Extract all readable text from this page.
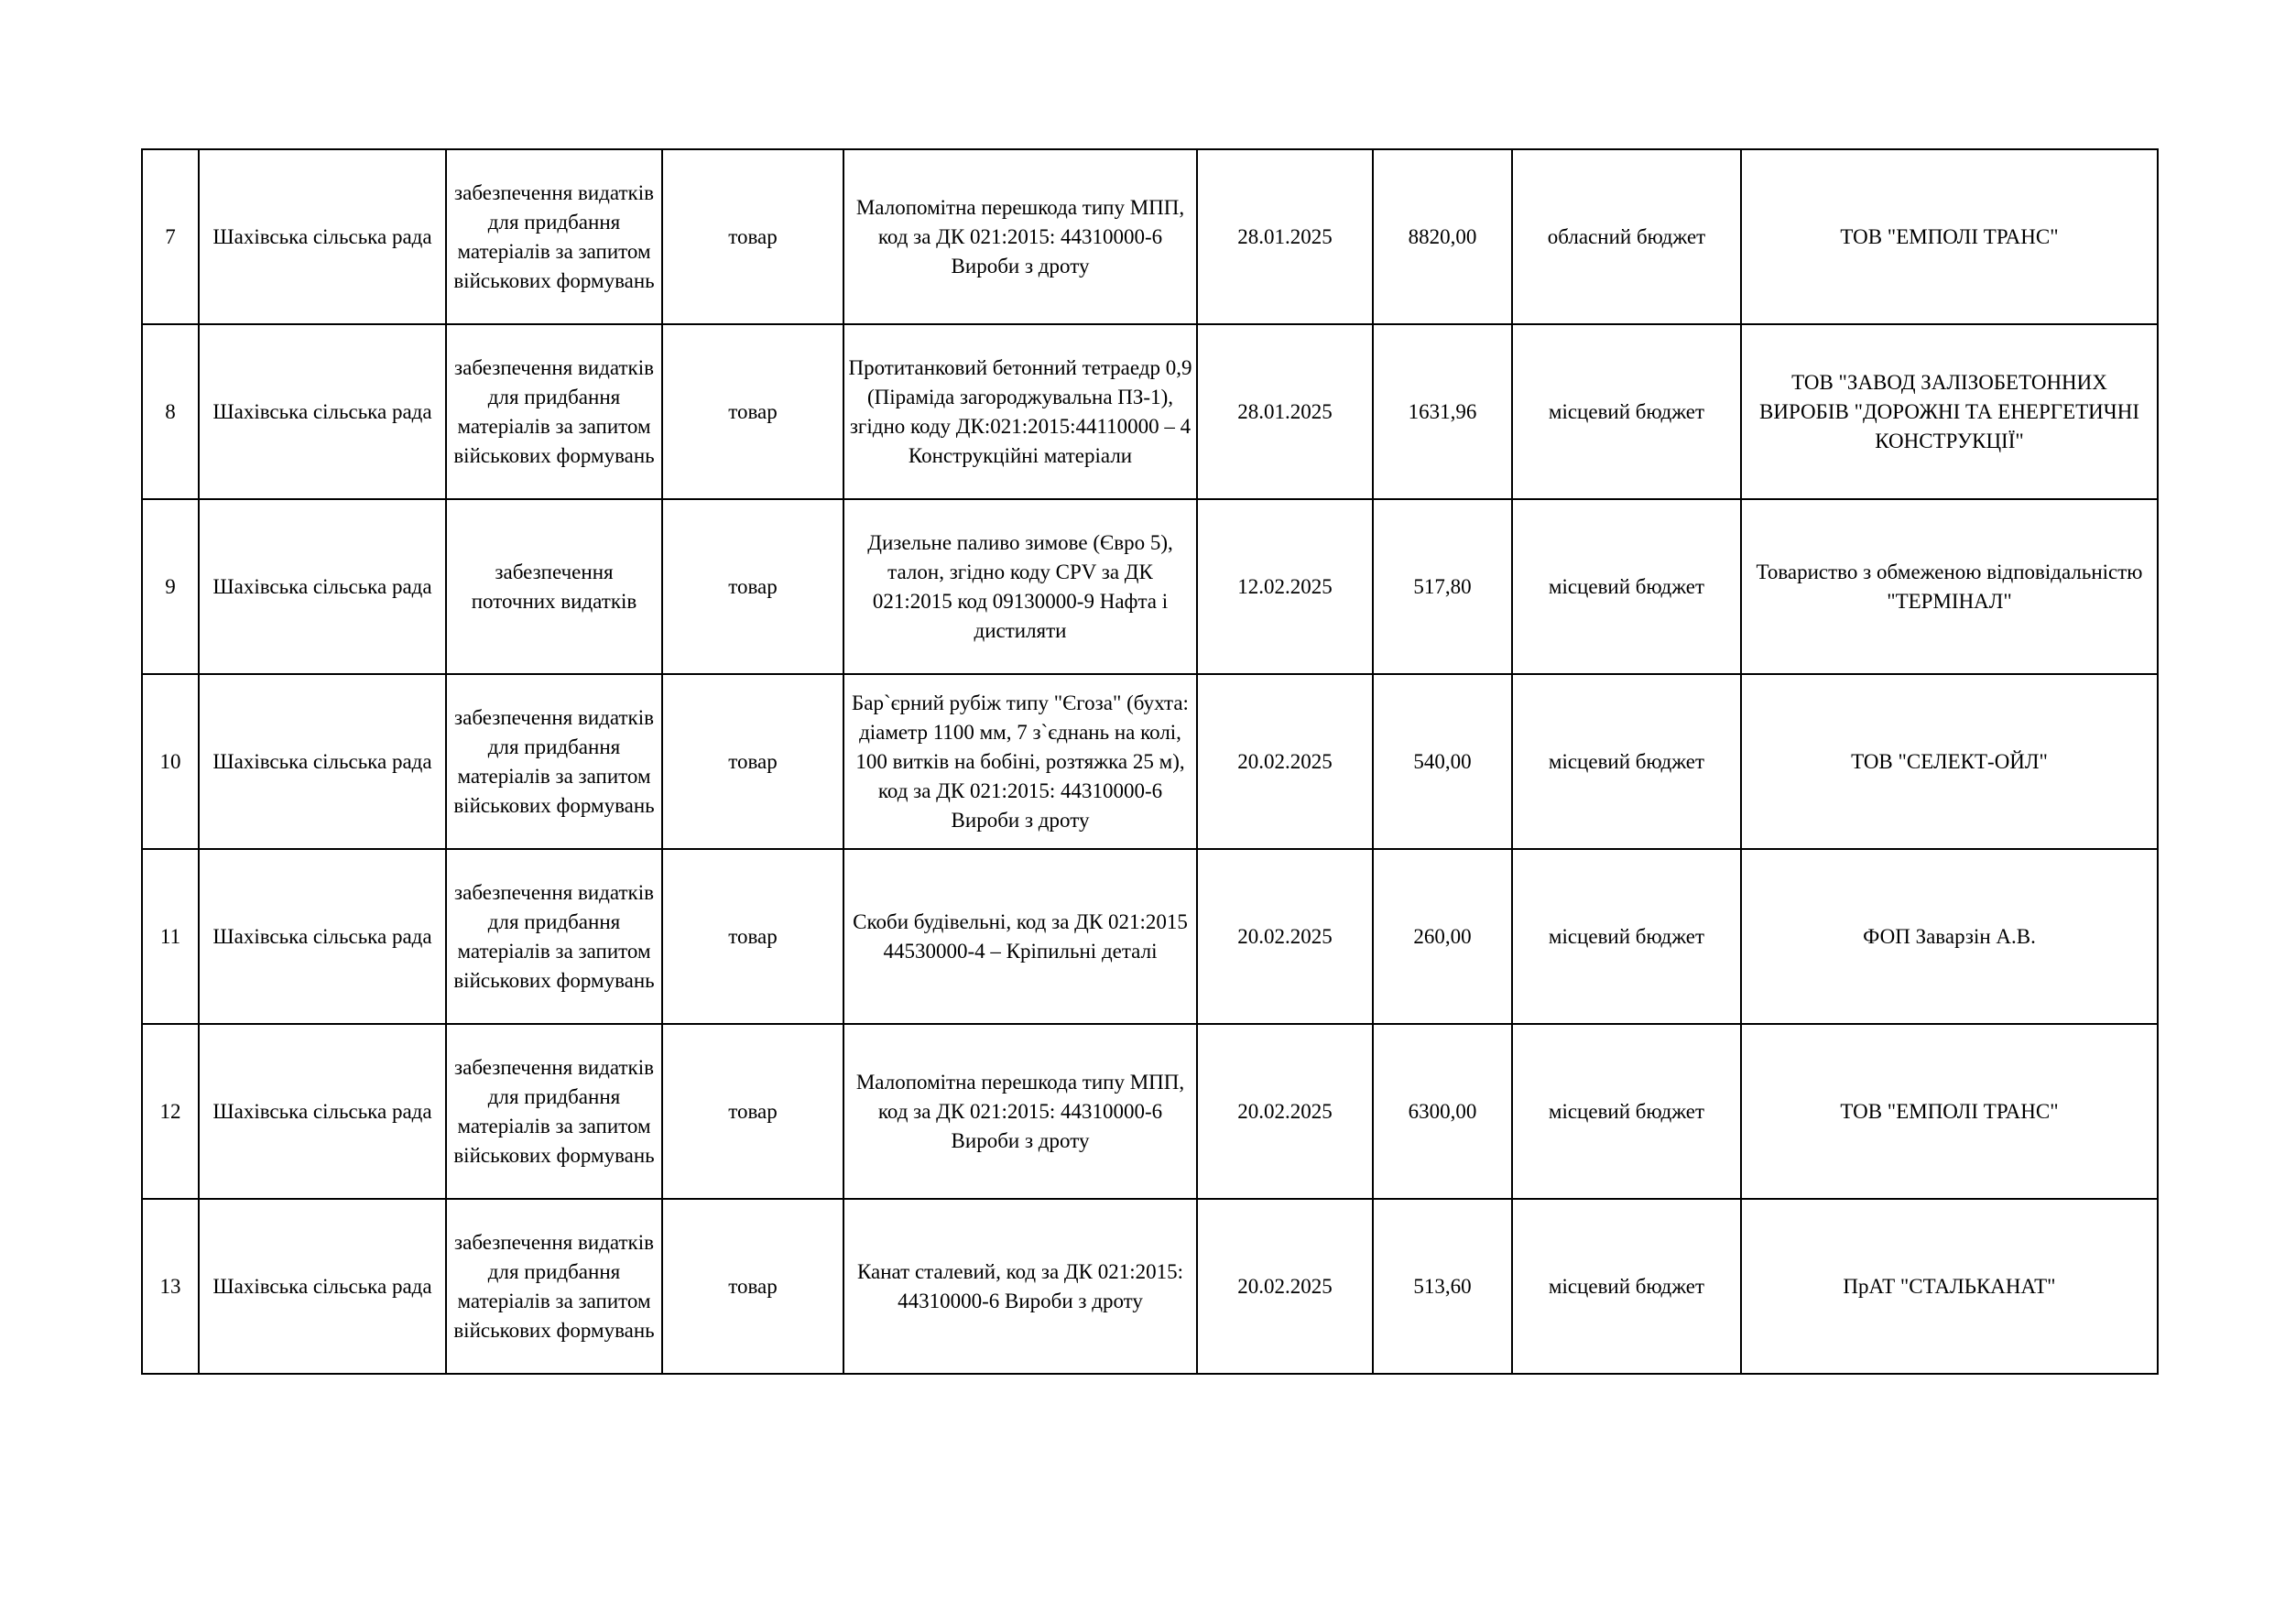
7	Шахівська сільська рада	забезпечення видатків для придбання матеріалів за запитом військових формувань	товар	Малопомітна перешкода типу МПП, код за ДК 021:2015: 44310000-6 Вироби з дроту	28.01.2025	8820,00	обласний бюджет	ТОВ "ЕМПОЛІ ТРАНС"
8	Шахівська сільська рада	забезпечення видатків для придбання матеріалів за запитом військових формувань	товар	Протитанковий бетонний тетраедр 0,9 (Піраміда загороджувальна ПЗ-1), згідно коду ДК:021:2015:44110000 – 4 Конструкційні матеріали	28.01.2025	1631,96	місцевий бюджет	ТОВ "ЗАВОД ЗАЛІЗОБЕТОННИХ ВИРОБІВ "ДОРОЖНІ ТА ЕНЕРГЕТИЧНІ КОНСТРУКЦІЇ"
9	Шахівська сільська рада	забезпечення поточних видатків	товар	Дизельне паливо зимове (Євро 5), талон, згідно коду CPV за ДК 021:2015 код 09130000-9 Нафта і дистиляти	12.02.2025	517,80	місцевий бюджет	Товариство з обмеженою відповідальністю "ТЕРМІНАЛ"
10	Шахівська сільська рада	забезпечення видатків для придбання матеріалів за запитом військових формувань	товар	Бар`єрний рубіж типу "Єгоза" (бухта: діаметр 1100 мм, 7 з`єднань на колі, 100 витків на бобіні, розтяжка 25 м), код за ДК 021:2015: 44310000-6 Вироби з дроту	20.02.2025	540,00	місцевий бюджет	ТОВ "СЕЛЕКТ-ОЙЛ"
11	Шахівська сільська рада	забезпечення видатків для придбання матеріалів за запитом військових формувань	товар	Скоби будівельні, код за ДК 021:2015 44530000-4 – Кріпильні деталі	20.02.2025	260,00	місцевий бюджет	ФОП Заварзін А.В.
12	Шахівська сільська рада	забезпечення видатків для придбання матеріалів за запитом військових формувань	товар	Малопомітна перешкода типу МПП, код за ДК 021:2015: 44310000-6 Вироби з дроту	20.02.2025	6300,00	місцевий бюджет	ТОВ "ЕМПОЛІ ТРАНС"
13	Шахівська сільська рада	забезпечення видатків для придбання матеріалів за запитом військових формувань	товар	Канат сталевий, код за ДК 021:2015: 44310000-6 Вироби з дроту	20.02.2025	513,60	місцевий бюджет	ПрАТ "СТАЛЬКАНАТ"
